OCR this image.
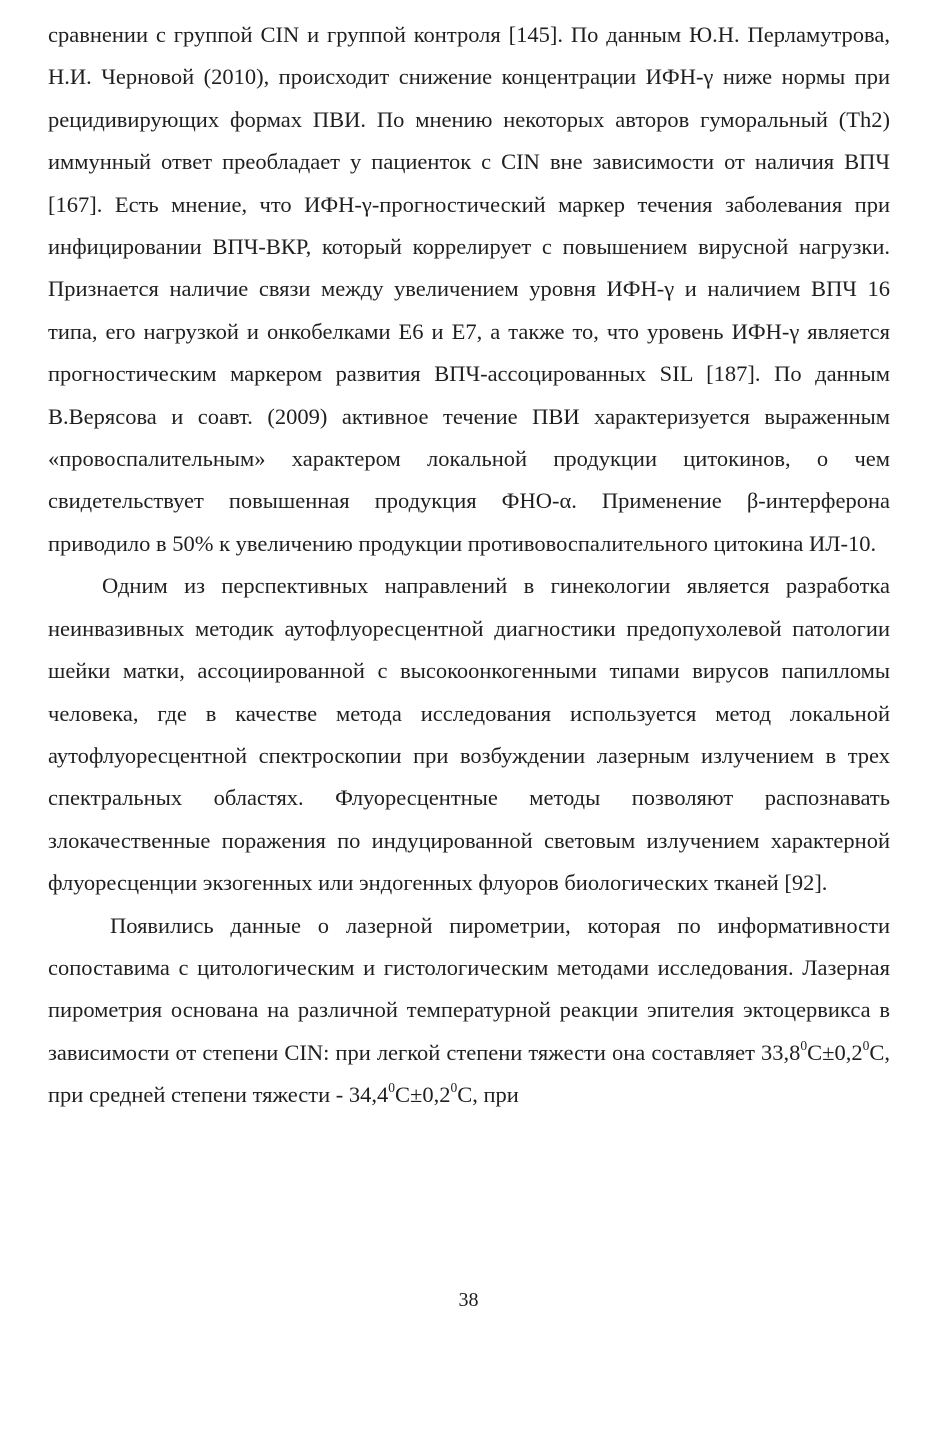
сравнении с группой CIN и группой контроля [145]. По данным Ю.Н. Перламутрова, Н.И. Черновой (2010), происходит снижение концентрации ИФН-γ ниже нормы при рецидивирующих формах ПВИ. По мнению некоторых авторов гуморальный (Th2) иммунный ответ преобладает у пациенток с CIN вне зависимости от наличия ВПЧ [167]. Есть мнение, что ИФН-γ-прогностический маркер течения заболевания при инфицировании ВПЧ-ВКР, который коррелирует с повышением вирусной нагрузки. Признается наличие связи между увеличением уровня ИФН-γ и наличием ВПЧ 16 типа, его нагрузкой и онкобелками Е6 и Е7, а также то, что уровень ИФН-γ является прогностическим маркером развития ВПЧ-ассоцированных SIL [187]. По данным В.Верясова и соавт. (2009) активное течение ПВИ характеризуется выраженным «провоспалительным» характером локальной продукции цитокинов, о чем свидетельствует повышенная продукция ФНО-α. Применение β-интерферона приводило в 50% к увеличению продукции противовоспалительного цитокина ИЛ-10.

Одним из перспективных направлений в гинекологии является разработка неинвазивных методик аутофлуоресцентной диагностики предопухолевой патологии шейки матки, ассоциированной с высокоонкогенными типами вирусов папилломы человека, где в качестве метода исследования используется метод локальной аутофлуоресцентной спектроскопии при возбуждении лазерным излучением в трех спектральных областях. Флуоресцентные методы позволяют распознавать злокачественные поражения по индуцированной световым излучением характерной флуоресценции экзогенных или эндогенных флуоров биологических тканей [92].

Появились данные о лазерной пирометрии, которая по информативности сопоставима с цитологическим и гистологическим методами исследования. Лазерная пирометрия основана на различной температурной реакции эпителия эктоцервикса в зависимости от степени CIN: при легкой степени тяжести она составляет $33,8^0C\pm 0,2^0C$, при средней степени тяжести - $34,4^0C\pm 0,2^0C$, при

38
